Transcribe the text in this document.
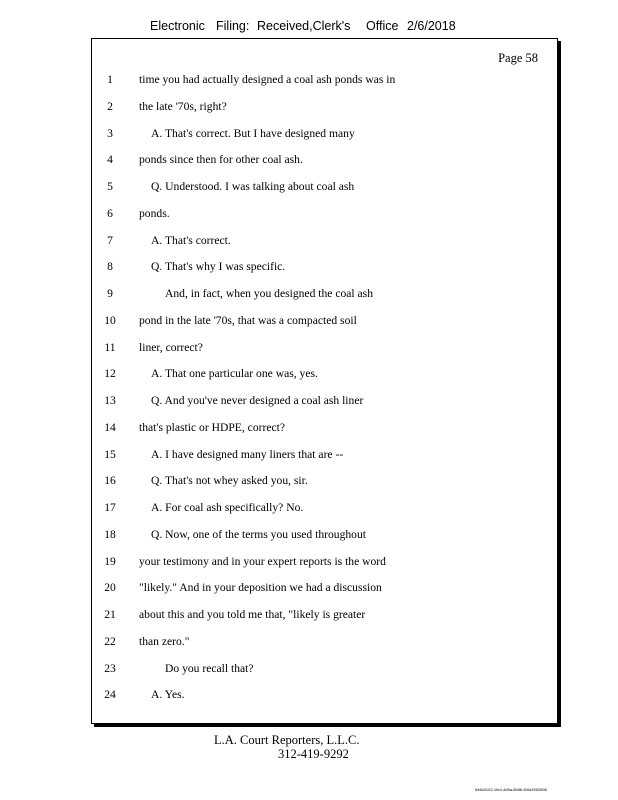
Electronic Filing: Received,Clerk's Office 2/6/2018
Page 58
1	time you had actually designed a coal ash ponds was in
2	the late '70s, right?
3	A. That's correct. But I have designed many
4	ponds since then for other coal ash.
5	Q. Understood. I was talking about coal ash
6	ponds.
7	A. That's correct.
8	Q. That's why I was specific.
9	And, in fact, when you designed the coal ash
10	pond in the late '70s, that was a compacted soil
11	liner, correct?
12	A. That one particular one was, yes.
13	Q. And you've never designed a coal ash liner
14	that's plastic or HDPE, correct?
15	A. I have designed many liners that are --
16	Q. That's not whey asked you, sir.
17	A. For coal ash specifically? No.
18	Q. Now, one of the terms you used throughout
19	your testimony and in your expert reports is the word
20	"likely." And in your deposition we had a discussion
21	about this and you told me that, "likely is greater
22	than zero."
23	Do you recall that?
24	A. Yes.
L.A. Court Reporters, L.L.C.
312-419-9292
546c5102-1fe4-4d5a-8b56-f00a3952896
